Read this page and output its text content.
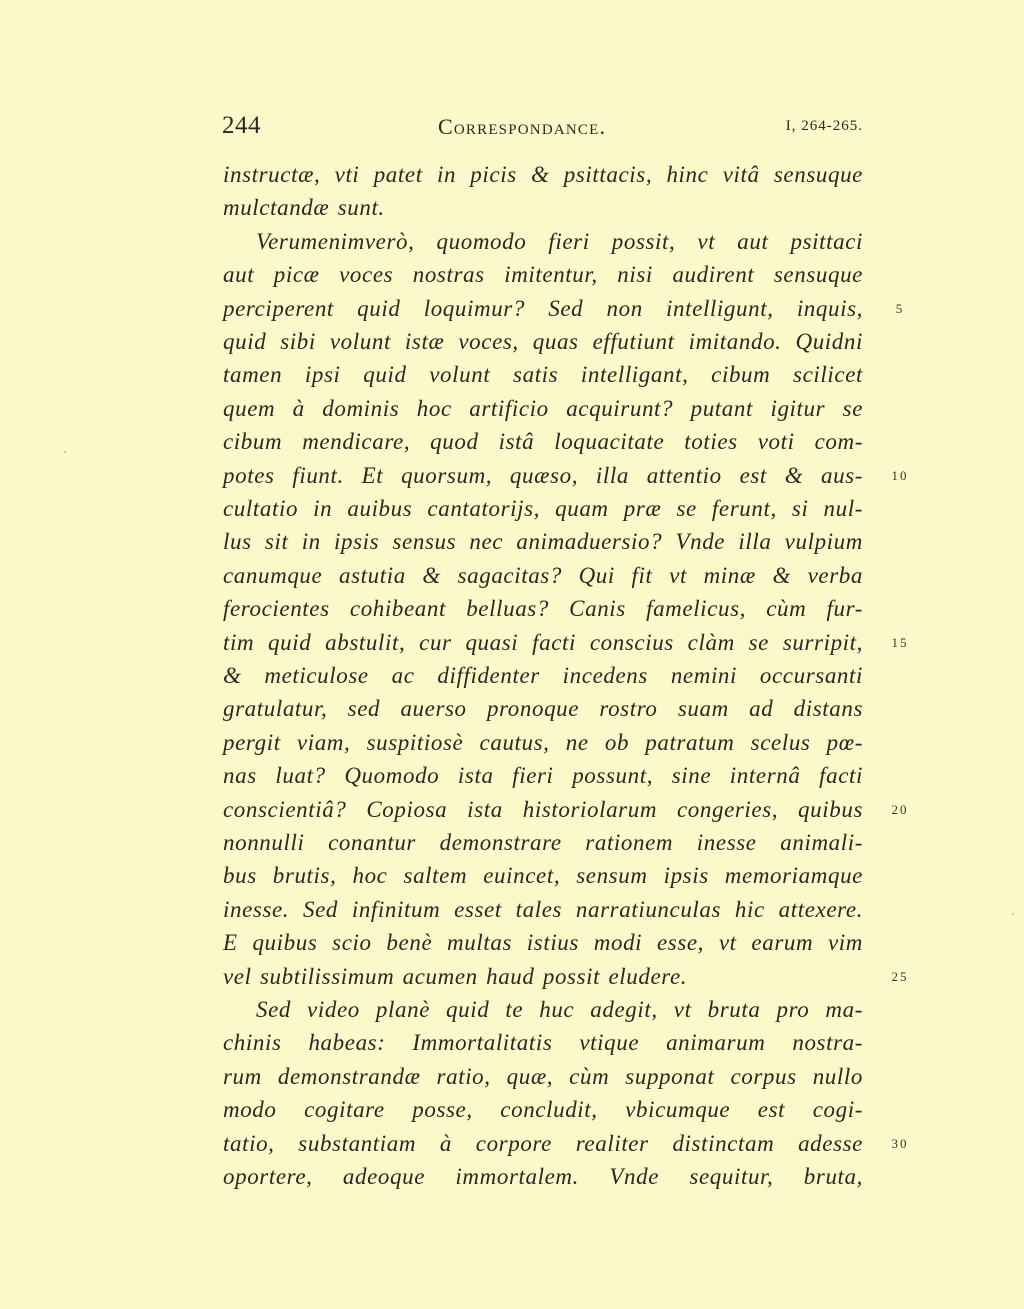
244	Correspondance.	I, 264-265.
instructæ, vti patet in picis & psittacis, hinc vitâ sensuque
mulctandæ sunt.
Verumenimverò, quomodo fieri possit, vt aut psittaci
aut picæ voces nostras imitentur, nisi audirent sensuque
perciperent quid loquimur? Sed non intelligunt, inquis,
quid sibi volunt istæ voces, quas effutiunt imitando. Quidni
tamen ipsi quid volunt satis intelligant, cibum scilicet
quem à dominis hoc artificio acquirunt? putant igitur se
cibum mendicare, quod istâ loquacitate toties voti com-
potes fiunt. Et quorsum, quæso, illa attentio est & aus-
cultatio in auibus cantatorijs, quam præ se ferunt, si nul-
lus sit in ipsis sensus nec animaduersio? Vnde illa vulpium
canumque astutia & sagacitas? Qui fit vt minæ & verba
ferocientes cohibeant belluas? Canis famelicus, cùm fur-
tim quid abstulit, cur quasi facti conscius clàm se surripit,
& meticulose ac diffidenter incedens nemini occursanti
gratulatur, sed auerso pronoque rostro suam ad distans
pergit viam, suspitiosè cautus, ne ob patratum scelus pœ-
nas luat? Quomodo ista fieri possunt, sine internâ facti
conscientiâ? Copiosa ista historiolarum congeries, quibus
nonnulli conantur demonstrare rationem inesse animali-
bus brutis, hoc saltem euincet, sensum ipsis memoriamque
inesse. Sed infinitum esset tales narratiunculas hic attexere.
E quibus scio benè multas istius modi esse, vt earum vim
vel subtilissimum acumen haud possit eludere.
Sed video planè quid te huc adegit, vt bruta pro ma-
chinis habeas: Immortalitatis vtique animarum nostra-
rum demonstrandæ ratio, quæ, cùm supponat corpus nullo
modo cogitare posse, concludit, vbicumque est cogi-
tatio, substantiam à corpore realiter distinctam adesse
oportere, adeoque immortalem. Vnde sequitur, bruta,
5
10
15
20
25
30
